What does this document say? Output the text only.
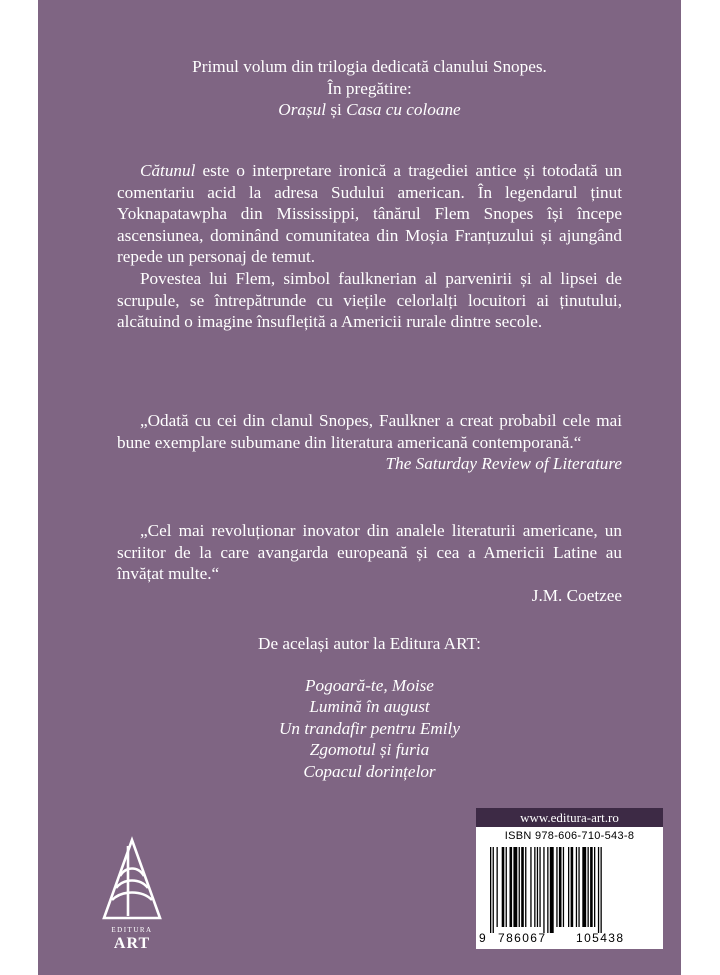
Primul volum din trilogia dedicată clanului Snopes.

În pregătire:

Orașul și Casa cu coloane

Cătunul este o interpretare ironică a tragediei antice și totodată un comentariu acid la adresa Sudului american. În legendarul ținut Yoknapatawpha din Mississippi, tânărul Flem Snopes își începe ascensiunea, dominând comunitatea din Moșia Franțuzului și ajungând repede un personaj de temut.

Povestea lui Flem, simbol faulknerian al parvenirii și al lipsei de scrupule, se întrepătrunde cu viețile celorlalți locuitori ai ținutului, alcătuind o imagine însuflețită a Americii rurale dintre secole.

„Odată cu cei din clanul Snopes, Faulkner a creat probabil cele mai bune exemplare subumane din literatura americană contemporană.“

The Saturday Review of Literature

„Cel mai revoluționar inovator din analele literaturii americane, un scriitor de la care avangarda europeană și cea a Americii Latine au învățat multe.“

J.M. Coetzee

De același autor la Editura ART:

Pogoară-te, Moise

Lumină în august

Un trandafir pentru Emily

Zgomotul și furia

Copacul dorințelor

EDITURA
ART
www.editura-art.ro
ISBN 978-606-710-543-8
9 786067 105438
